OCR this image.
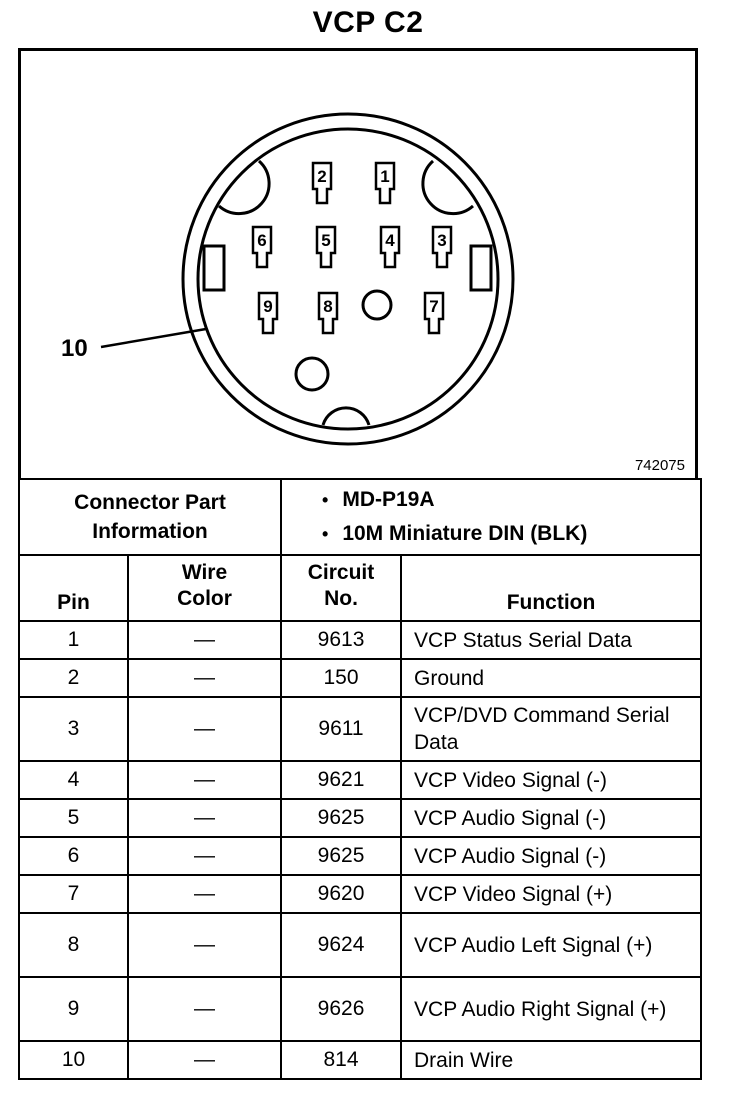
VCP C2
1
2
3
4
5
6
7
8
9
10
742075
Connector Part Information		• MD-P19A
• 10M Miniature DIN (BLK)

Pin	Wire Color	Circuit No.	Function
1	—	9613	VCP Status Serial Data
2	—	150	Ground
3	—	9611	VCP/DVD Command Serial Data
4	—	9621	VCP Video Signal (-)
5	—	9625	VCP Audio Signal (-)
6	—	9625	VCP Audio Signal (-)
7	—	9620	VCP Video Signal (+)
8	—	9624	VCP Audio Left Signal (+)
9	—	9626	VCP Audio Right Signal (+)
10	—	814	Drain Wire
